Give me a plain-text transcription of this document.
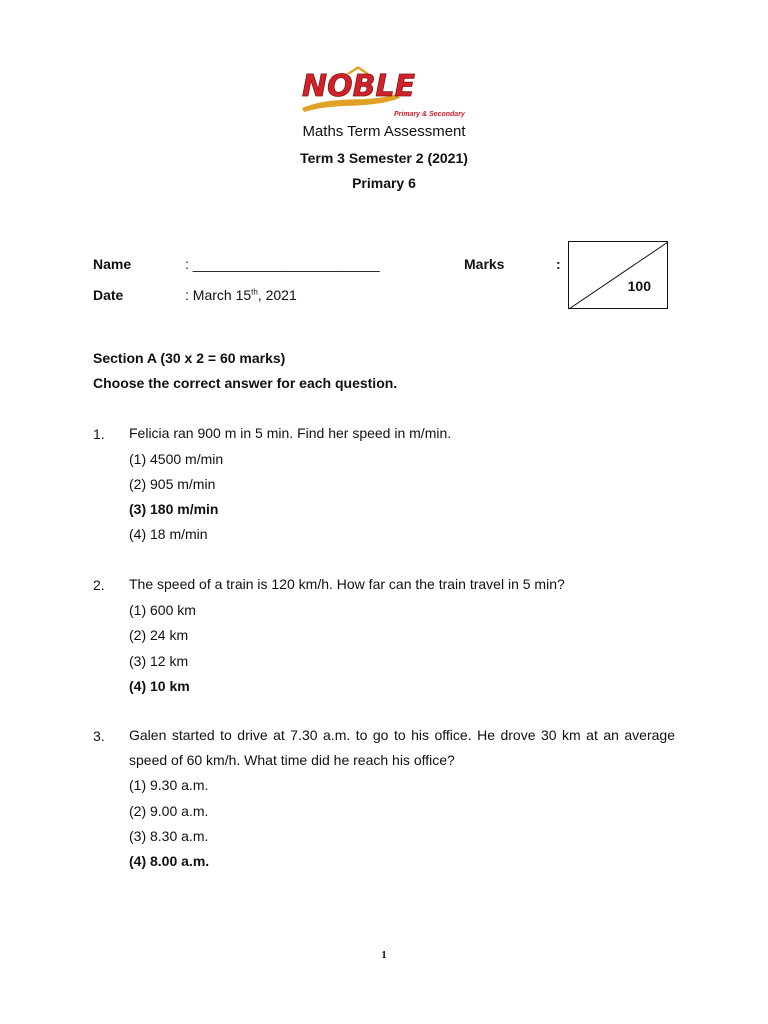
NOBLE
Primary & Secondary
Maths Term Assessment
Term 3 Semester 2 (2021)
Primary 6
Name	: ________________________
Date	: March 15th, 2021
Marks	:
100
Section A (30 x 2 = 60 marks)
Choose the correct answer for each question.
1.	Felicia ran 900 m in 5 min. Find her speed in m/min.
(1) 4500 m/min
(2) 905 m/min
(3) 180 m/min
(4) 18 m/min
2.	The speed of a train is 120 km/h. How far can the train travel in 5 min?
(1) 600 km
(2) 24 km
(3) 12 km
(4) 10 km
3.	Galen started to drive at 7.30 a.m. to go to his office. He drove 30 km at an average speed of 60 km/h. What time did he reach his office?
(1) 9.30 a.m.
(2) 9.00 a.m.
(3) 8.30 a.m.
(4) 8.00 a.m.
1
